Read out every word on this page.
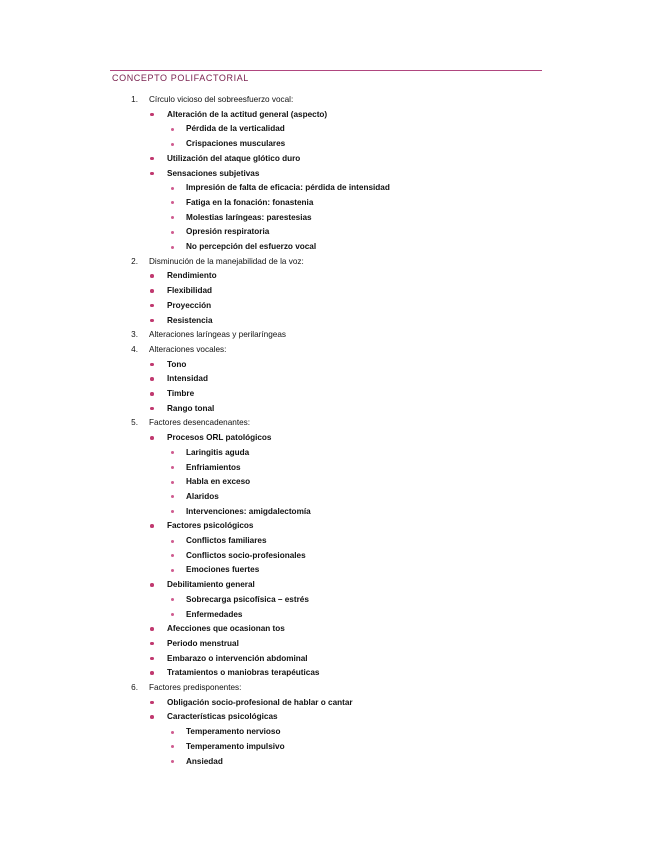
CONCEPTO POLIFACTORIAL
1. Círculo vicioso del sobreesfuerzo vocal:
Alteración de la actitud general (aspecto)
Pérdida de la verticalidad
Crispaciones musculares
Utilización del ataque glótico duro
Sensaciones subjetivas
Impresión de falta de eficacia: pérdida de intensidad
Fatiga en la fonación: fonastenia
Molestias laríngeas: parestesias
Opresión respiratoria
No percepción del esfuerzo vocal
2. Disminución de la manejabilidad de la voz:
Rendimiento
Flexibilidad
Proyección
Resistencia
3. Alteraciones laríngeas y perilaríngeas
4. Alteraciones vocales:
Tono
Intensidad
Timbre
Rango tonal
5. Factores desencadenantes:
Procesos ORL patológicos
Laringitis aguda
Enfriamientos
Habla en exceso
Alaridos
Intervenciones: amigdalectomía
Factores psicológicos
Conflictos familiares
Conflictos socio-profesionales
Emociones fuertes
Debilitamiento general
Sobrecarga psicofísica – estrés
Enfermedades
Afecciones que ocasionan tos
Periodo menstrual
Embarazo o intervención abdominal
Tratamientos o maniobras terapéuticas
6. Factores predisponentes:
Obligación socio-profesional de hablar o cantar
Características psicológicas
Temperamento nervioso
Temperamento impulsivo
Ansiedad
